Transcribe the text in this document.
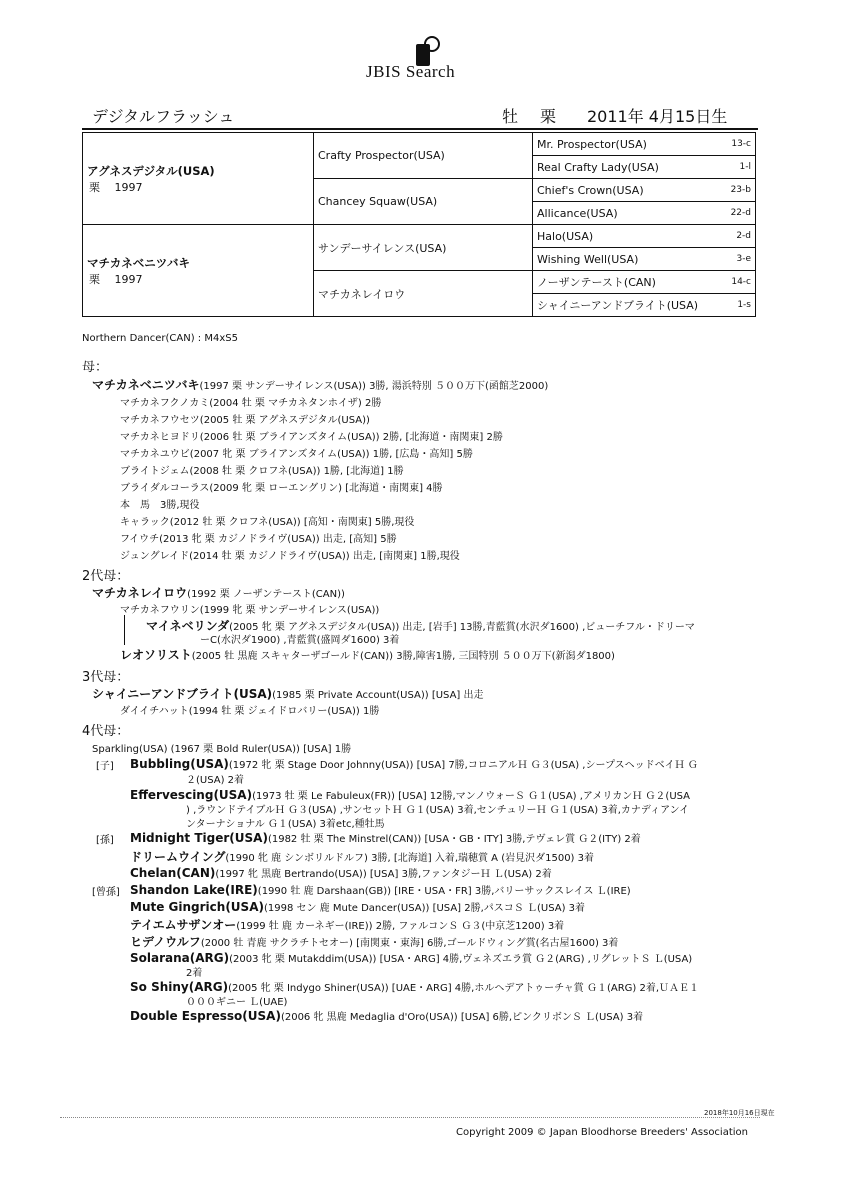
JBIS Search
デジタルフラッシュ	牡 栗 2011年 4月15日生
アグネスデジタル(USA)
栗　 1997	Crafty Prospector(USA)	Mr. Prospector(USA)	13-c
		Real Crafty Lady(USA)	1-l
	Chancey Squaw(USA)	Chief's Crown(USA)	23-b
		Allicance(USA)	22-d

マチカネベニツバキ
栗　 1997	サンデーサイレンス(USA)	Halo(USA)	2-d
		Wishing Well(USA)	3-e
	マチカネレイロウ	ノーザンテースト(CAN)	14-c
		シャイニーアンドブライト(USA)	1-s
Northern Dancer(CAN) : M4xS5
母：
マチカネベニツバキ(1997 栗 サンデーサイレンス(USA)) 3勝, 湯浜特別 ５００万下(函館芝2000)
マチカネフクノカミ(2004 牡 栗 マチカネタンホイザ) 2勝
マチカネフウセツ(2005 牡 栗 アグネスデジタル(USA))
マチカネヒヨドリ(2006 牡 栗 ブライアンズタイム(USA)) 2勝, [北海道・南関東] 2勝
マチカネユウビ(2007 牝 栗 ブライアンズタイム(USA)) 1勝, [広島・高知] 5勝
ブライトジェム(2008 牡 栗 クロフネ(USA)) 1勝, [北海道] 1勝
ブライダルコーラス(2009 牝 栗 ローエングリン) [北海道・南関東] 4勝
本　馬　3勝,現役
キャラック(2012 牡 栗 クロフネ(USA)) [高知・南関東] 5勝,現役
フイウチ(2013 牝 栗 カジノドライヴ(USA)) 出走, [高知] 5勝
ジュングレイド(2014 牡 栗 カジノドライヴ(USA)) 出走, [南関東] 1勝,現役
2代母：
マチカネレイロウ(1992 栗 ノーザンテースト(CAN))
マチカネフウリン(1999 牝 栗 サンデーサイレンス(USA))
マイネベリンダ(2005 牝 栗 アグネスデジタル(USA)) 出走, [岩手] 13勝,青藍賞(水沢ダ1600) ,ビューチフル・ドリーマ
ーC(水沢ダ1900) ,青藍賞(盛岡ダ1600) 3着
レオソリスト(2005 牡 黒鹿 スキャターザゴールド(CAN)) 3勝,障害1勝, 三国特別 ５００万下(新潟ダ1800)
3代母：
シャイニーアンドブライト(USA)(1985 栗 Private Account(USA)) [USA] 出走
ダイイチハット(1994 牡 栗 ジェイドロバリー(USA)) 1勝
4代母：
Sparkling(USA) (1967 栗 Bold Ruler(USA)) [USA] 1勝
[子] Bubbling(USA)(1972 牝 栗 Stage Door Johnny(USA)) [USA] 7勝,コロニアルＨ Ｇ３(USA) ,シープスヘッドベイＨ Ｇ
２(USA) 2着
Effervescing(USA)(1973 牡 栗 Le Fabuleux(FR)) [USA] 12勝,マンノウォーＳ Ｇ１(USA) ,アメリカンＨ Ｇ２(USA
) ,ラウンドテイブルＨ Ｇ３(USA) ,サンセットＨ Ｇ１(USA) 3着,センチュリーＨ Ｇ１(USA) 3着,カナディアンイ
ンターナショナル Ｇ１(USA) 3着etc,種牡馬
[孫] Midnight Tiger(USA)(1982 牡 栗 The Minstrel(CAN)) [USA・GB・ITY] 3勝,テヴェレ賞 Ｇ２(ITY) 2着
ドリームウイング(1990 牝 鹿 シンボリルドルフ) 3勝, [北海道] 入着,瑞穂賞 A (岩見沢ダ1500) 3着
Chelan(CAN)(1997 牝 黒鹿 Bertrando(USA)) [USA] 3勝,ファンタジーＨ Ｌ(USA) 2着
[曾孫] Shandon Lake(IRE)(1990 牡 鹿 Darshaan(GB)) [IRE・USA・FR] 3勝,バリーサックスレイス Ｌ(IRE)
Mute Gingrich(USA)(1998 セン 鹿 Mute Dancer(USA)) [USA] 2勝,パスコＳ Ｌ(USA) 3着
テイエムサザンオー(1999 牡 鹿 カーネギー(IRE)) 2勝, ファルコンＳ Ｇ３(中京芝1200) 3着
ヒデノウルフ(2000 牡 青鹿 サクラチトセオー) [南関東・東海] 6勝,ゴールドウィング賞(名古屋1600) 3着
Solarana(ARG)(2003 牝 栗 Mutakddim(USA)) [USA・ARG] 4勝,ヴェネズエラ賞 Ｇ２(ARG) ,リグレットＳ Ｌ(USA)
2着
So Shiny(ARG)(2005 牝 栗 Indygo Shiner(USA)) [UAE・ARG] 4勝,ホルヘデアトゥーチャ賞 Ｇ１(ARG) 2着,ＵＡＥ１
０００ギニー Ｌ(UAE)
Double Espresso(USA)(2006 牝 黒鹿 Medaglia d'Oro(USA)) [USA] 6勝,ピンクリボンＳ Ｌ(USA) 3着
2018年10月16日現在
Copyright 2009 © Japan Bloodhorse Breeders' Association
